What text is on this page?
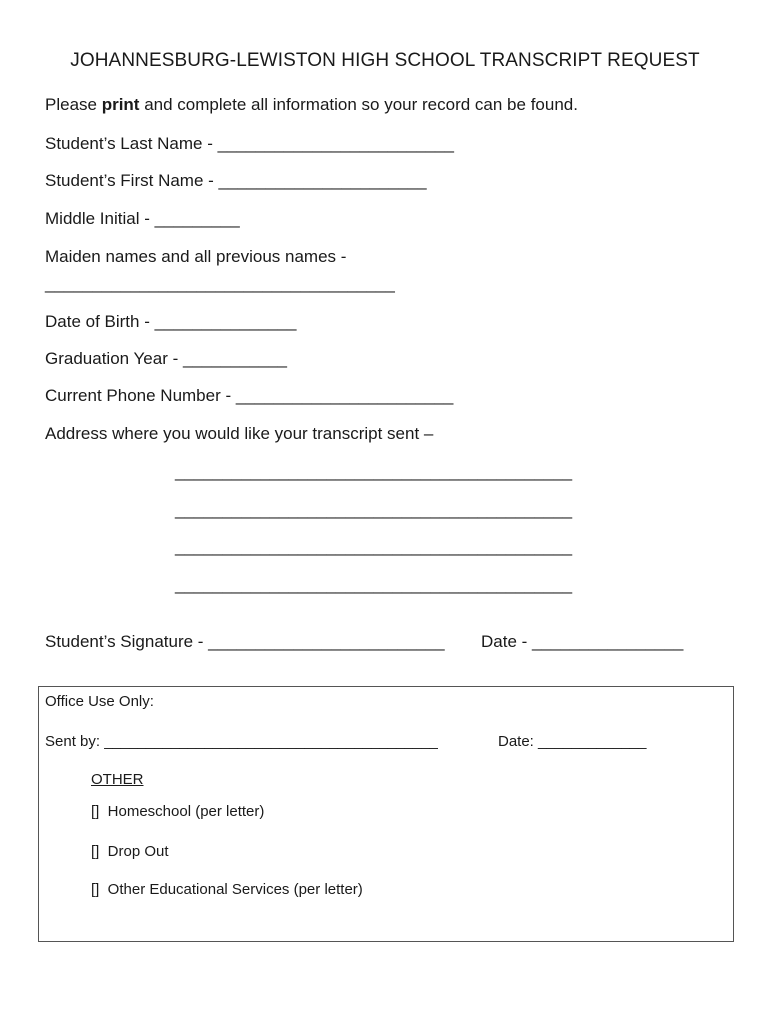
JOHANNESBURG-LEWISTON HIGH SCHOOL TRANSCRIPT REQUEST
Please print and complete all information so your record can be found.
Student’s Last Name - _________________________
Student’s First Name - ______________________
Middle Initial - _________
Maiden names and all previous names -
_____________________________________
Date of Birth - _______________
Graduation Year - ___________
Current Phone Number - _______________________
Address where you would like your transcript sent –
__________________________________________
__________________________________________
__________________________________________
__________________________________________
Student’s Signature - _________________________ Date - ________________
Office Use Only:
Sent by: ________________________________________	Date: _____________
OTHER
[]  Homeschool (per letter)
[]  Drop Out
[]  Other Educational Services (per letter)
